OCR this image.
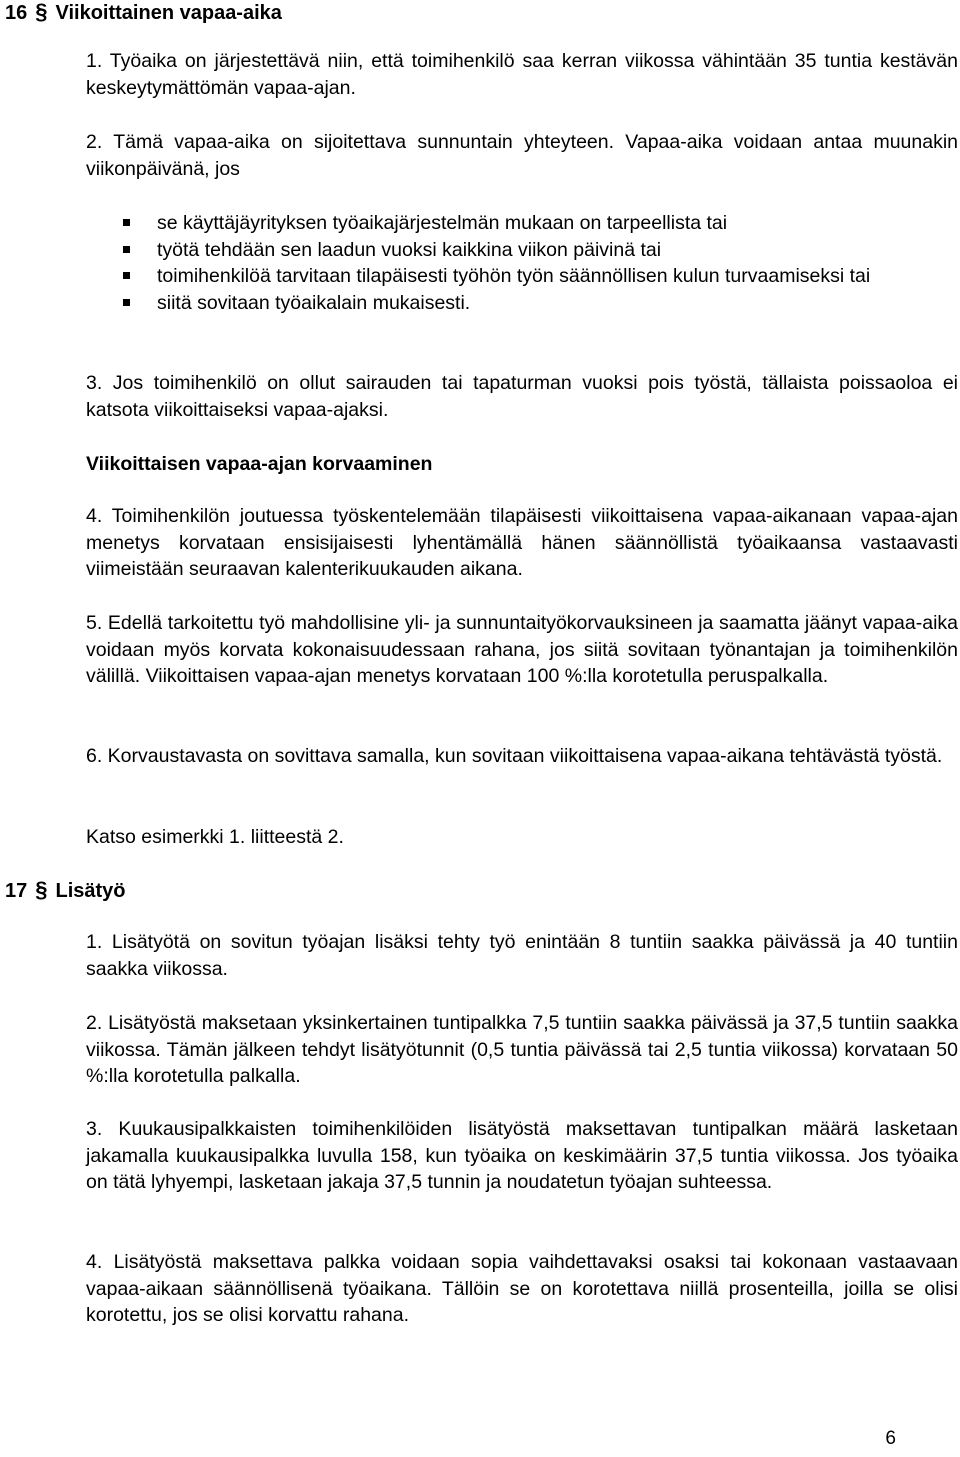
16 § Viikoittainen vapaa-aika

1. Työaika on järjestettävä niin, että toimihenkilö saa kerran viikossa vähintään 35 tuntia kestävän keskeytymättömän vapaa-ajan.

2. Tämä vapaa-aika on sijoitettava sunnuntain yhteyteen. Vapaa-aika voidaan antaa muunakin viikonpäivänä, jos

se käyttäjäyrityksen työaikajärjestelmän mukaan on tarpeellista tai
työtä tehdään sen laadun vuoksi kaikkina viikon päivinä tai
toimihenkilöä tarvitaan tilapäisesti työhön työn säännöllisen kulun turvaamiseksi tai
siitä sovitaan työaikalain mukaisesti.

3. Jos toimihenkilö on ollut sairauden tai tapaturman vuoksi pois työstä, tällaista poissaoloa ei katsota viikoittaiseksi vapaa-ajaksi.

Viikoittaisen vapaa-ajan korvaaminen

4. Toimihenkilön joutuessa työskentelemään tilapäisesti viikoittaisena vapaa-aikanaan vapaa-ajan menetys korvataan ensisijaisesti lyhentämällä hänen säännöllistä työaikaansa vastaavasti viimeistään seuraavan kalenterikuukauden aikana.

5. Edellä tarkoitettu työ mahdollisine yli- ja sunnuntaityökorvauksineen ja saamatta jäänyt vapaa-aika voidaan myös korvata kokonaisuudessaan rahana, jos siitä sovitaan työnantajan ja toimihenkilön välillä. Viikoittaisen vapaa-ajan menetys korvataan 100 %:lla korotetulla peruspalkalla.

6. Korvaustavasta on sovittava samalla, kun sovitaan viikoittaisena vapaa-aikana tehtävästä työstä.

Katso esimerkki 1. liitteestä 2.

17 § Lisätyö

1. Lisätyötä on sovitun työajan lisäksi tehty työ enintään 8 tuntiin saakka päivässä ja 40 tuntiin saakka viikossa.

2. Lisätyöstä maksetaan yksinkertainen tuntipalkka 7,5 tuntiin saakka päivässä ja 37,5 tuntiin saakka viikossa. Tämän jälkeen tehdyt lisätyötunnit (0,5 tuntia päivässä tai 2,5 tuntia viikossa) korvataan 50 %:lla korotetulla palkalla.

3. Kuukausipalkkaisten toimihenkilöiden lisätyöstä maksettavan tuntipalkan määrä lasketaan jakamalla kuukausipalkka luvulla 158, kun työaika on keskimäärin 37,5 tuntia viikossa. Jos työaika on tätä lyhyempi, lasketaan jakaja 37,5 tunnin ja noudatetun työajan suhteessa.

4. Lisätyöstä maksettava palkka voidaan sopia vaihdettavaksi osaksi tai kokonaan vastaavaan vapaa-aikaan säännöllisenä työaikana. Tällöin se on korotettava niillä prosenteilla, joilla se olisi korotettu, jos se olisi korvattu rahana.

6
